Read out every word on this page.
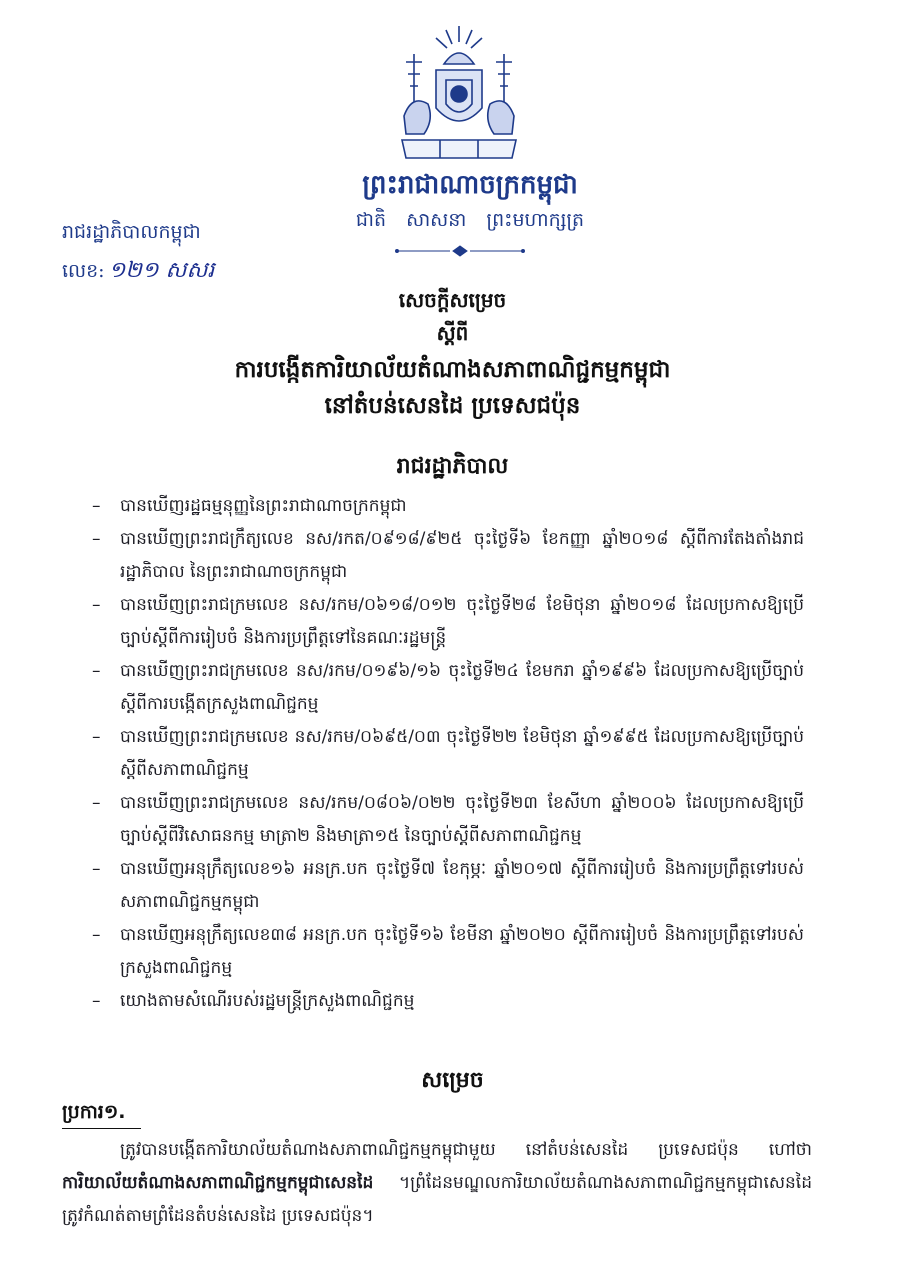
ព្រះរាជាណាចក្រកម្ពុជា
ជាតិ សាសនា ព្រះមហាក្សត្រ
រាជរដ្ឋាភិបាលកម្ពុជា
លេខ: ១២១ សសរ
សេចក្តីសម្រេច
ស្តីពី
ការបង្កើតការិយាល័យតំណាងសភាពាណិជ្ជកម្មកម្ពុជា
នៅតំបន់សេនដៃ ប្រទេសជប៉ុន
រាជរដ្ឋាភិបាល
– បានឃើញរដ្ឋធម្មនុញ្ញនៃព្រះរាជាណាចក្រកម្ពុជា
– បានឃើញព្រះរាជក្រឹត្យលេខ នស/រកត/០៩១៨/៩២៥ ចុះថ្ងៃទី៦ ខែកញ្ញា ឆ្នាំ២០១៨ ស្តីពីការតែងតាំងរាជរដ្ឋាភិបាល នៃព្រះរាជាណាចក្រកម្ពុជា
– បានឃើញព្រះរាជក្រមលេខ នស/រកម/០៦១៨/០១២ ចុះថ្ងៃទី២៨ ខែមិថុនា ឆ្នាំ២០១៨ ដែលប្រកាសឱ្យប្រើច្បាប់ស្តីពីការរៀបចំ និងការប្រព្រឹត្តទៅនៃគណៈរដ្ឋមន្ត្រី
– បានឃើញព្រះរាជក្រមលេខ នស/រកម/០១៩៦/១៦ ចុះថ្ងៃទី២៤ ខែមករា ឆ្នាំ១៩៩៦ ដែលប្រកាសឱ្យប្រើច្បាប់ស្តីពីការបង្កើតក្រសួងពាណិជ្ជកម្ម
– បានឃើញព្រះរាជក្រមលេខ នស/រកម/០៦៩៥/០៣ ចុះថ្ងៃទី២២ ខែមិថុនា ឆ្នាំ១៩៩៥ ដែលប្រកាសឱ្យប្រើច្បាប់ស្តីពីសភាពាណិជ្ជកម្ម
– បានឃើញព្រះរាជក្រមលេខ នស/រកម/០៨០៦/០២២ ចុះថ្ងៃទី២៣ ខែសីហា ឆ្នាំ២០០៦ ដែលប្រកាសឱ្យប្រើច្បាប់ស្តីពីវិសោធនកម្ម មាត្រា២ និងមាត្រា១៥ នៃច្បាប់ស្តីពីសភាពាណិជ្ជកម្ម
– បានឃើញអនុក្រឹត្យលេខ១៦ អនក្រ.បក ចុះថ្ងៃទី៧ ខែកុម្ភៈ ឆ្នាំ២០១៧ ស្តីពីការរៀបចំ និងការប្រព្រឹត្តទៅរបស់សភាពាណិជ្ជកម្មកម្ពុជា
– បានឃើញអនុក្រឹត្យលេខ៣៨ អនក្រ.បក ចុះថ្ងៃទី១៦ ខែមីនា ឆ្នាំ២០២០ ស្តីពីការរៀបចំ និងការប្រព្រឹត្តទៅរបស់ក្រសួងពាណិជ្ជកម្ម
– យោងតាមសំណើរបស់រដ្ឋមន្ត្រីក្រសួងពាណិជ្ជកម្ម
សម្រេច
ប្រការ១.
ត្រូវបានបង្កើតការិយាល័យតំណាងសភាពាណិជ្ជកម្មកម្ពុជាមួយ នៅតំបន់សេនដៃ ប្រទេសជប៉ុន ហៅថា ការិយាល័យតំណាងសភាពាណិជ្ជកម្មកម្ពុជាសេនដៃ ។ព្រំដែនមណ្ឌលការិយាល័យតំណាងសភាពាណិជ្ជកម្មកម្ពុជាសេនដៃ ត្រូវកំណត់តាមព្រំដែនតំបន់សេនដៃ ប្រទេសជប៉ុន។
